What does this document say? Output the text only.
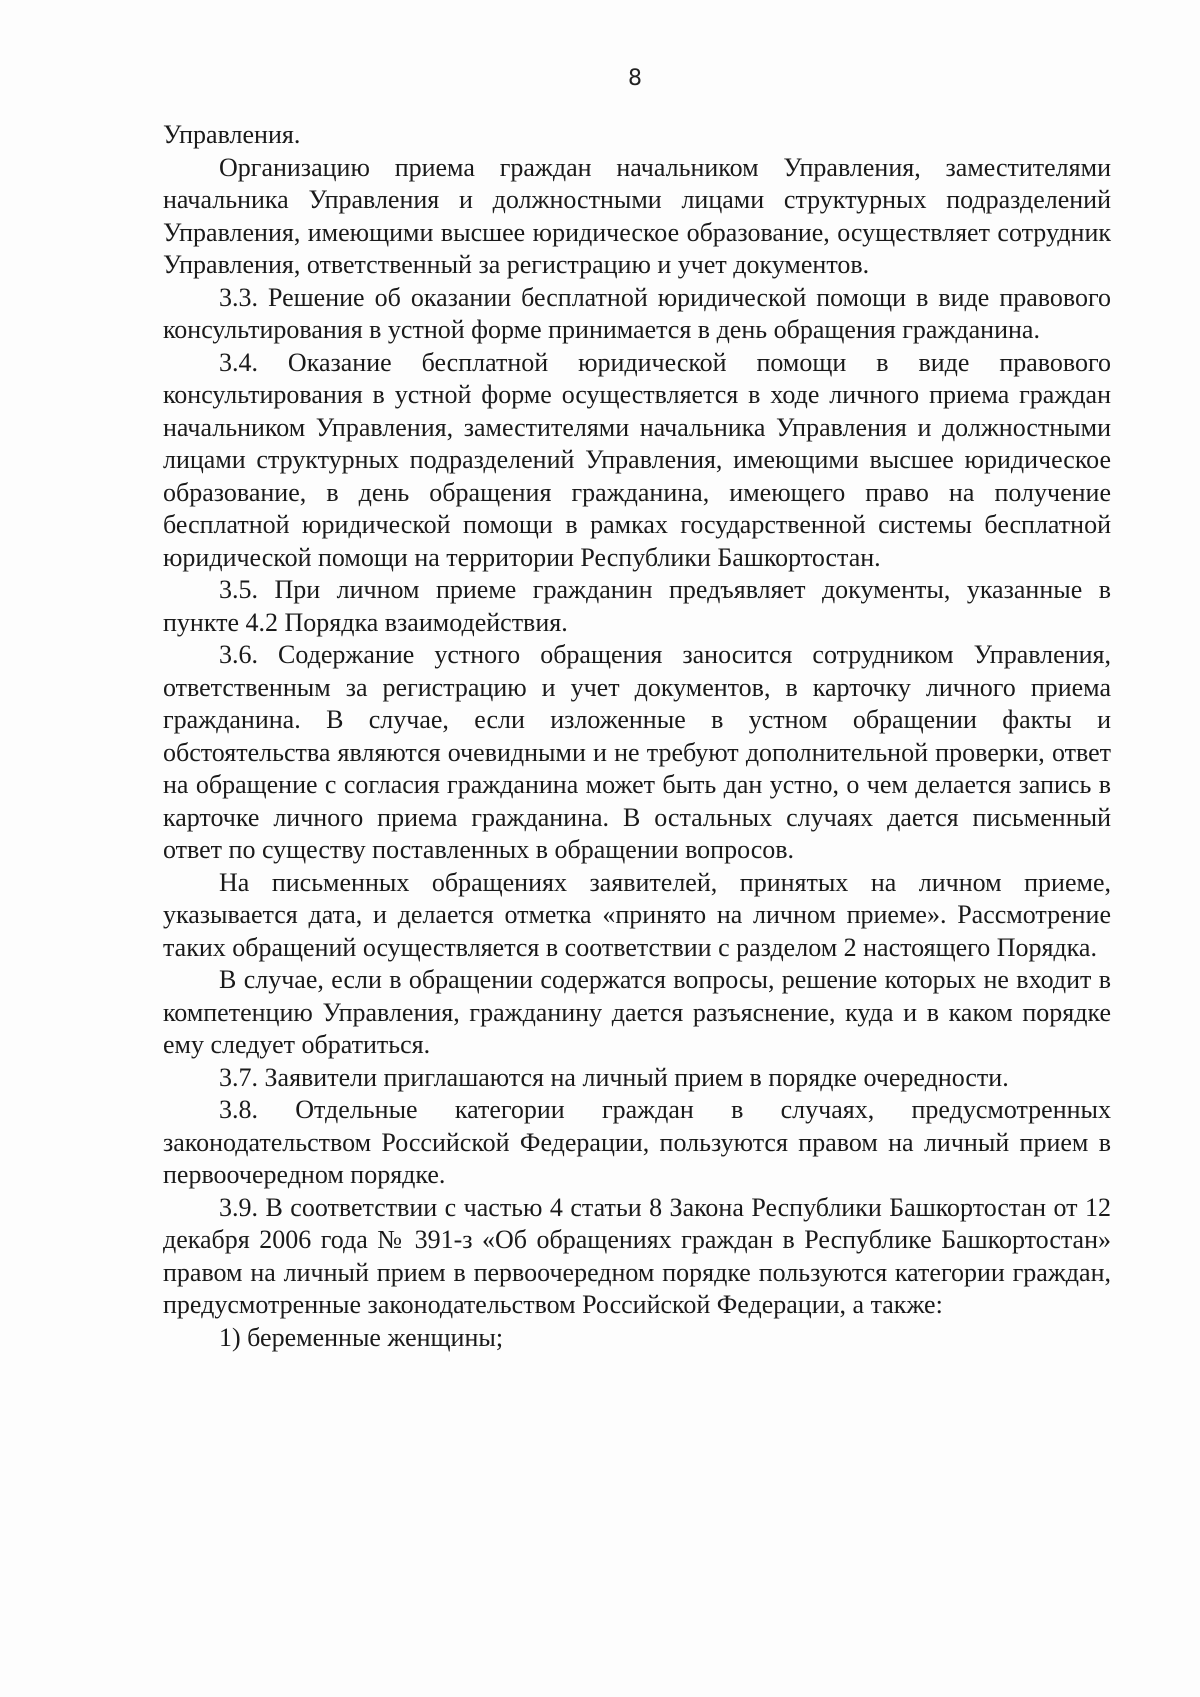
8

Управления.

Организацию приема граждан начальником Управления, заместителями начальника Управления и должностными лицами структурных подразделений Управления, имеющими высшее юридическое образование, осуществляет сотрудник Управления, ответственный за регистрацию и учет документов.

3.3. Решение об оказании бесплатной юридической помощи в виде правового консультирования в устной форме принимается в день обращения гражданина.

3.4. Оказание бесплатной юридической помощи в виде правового консультирования в устной форме осуществляется в ходе личного приема граждан начальником Управления, заместителями начальника Управления и должностными лицами структурных подразделений Управления, имеющими высшее юридическое образование, в день обращения гражданина, имеющего право на получение бесплатной юридической помощи в рамках государственной системы бесплатной юридической помощи на территории Республики Башкортостан.

3.5. При личном приеме гражданин предъявляет документы, указанные в пункте 4.2 Порядка взаимодействия.

3.6. Содержание устного обращения заносится сотрудником Управления, ответственным за регистрацию и учет документов, в карточку личного приема гражданина. В случае, если изложенные в устном обращении факты и обстоятельства являются очевидными и не требуют дополнительной проверки, ответ на обращение с согласия гражданина может быть дан устно, о чем делается запись в карточке личного приема гражданина. В остальных случаях дается письменный ответ по существу поставленных в обращении вопросов.

На письменных обращениях заявителей, принятых на личном приеме, указывается дата, и делается отметка «принято на личном приеме». Рассмотрение таких обращений осуществляется в соответствии с разделом 2 настоящего Порядка.

В случае, если в обращении содержатся вопросы, решение которых не входит в компетенцию Управления, гражданину дается разъяснение, куда и в каком порядке ему следует обратиться.

3.7. Заявители приглашаются на личный прием в порядке очередности.

3.8. Отдельные категории граждан в случаях, предусмотренных законодательством Российской Федерации, пользуются правом на личный прием в первоочередном порядке.

3.9. В соответствии с частью 4 статьи 8 Закона Республики Башкортостан от 12 декабря 2006 года № 391-з «Об обращениях граждан в Республике Башкортостан» правом на личный прием в первоочередном порядке пользуются категории граждан, предусмотренные законодательством Российской Федерации, а также:

1) беременные женщины;
